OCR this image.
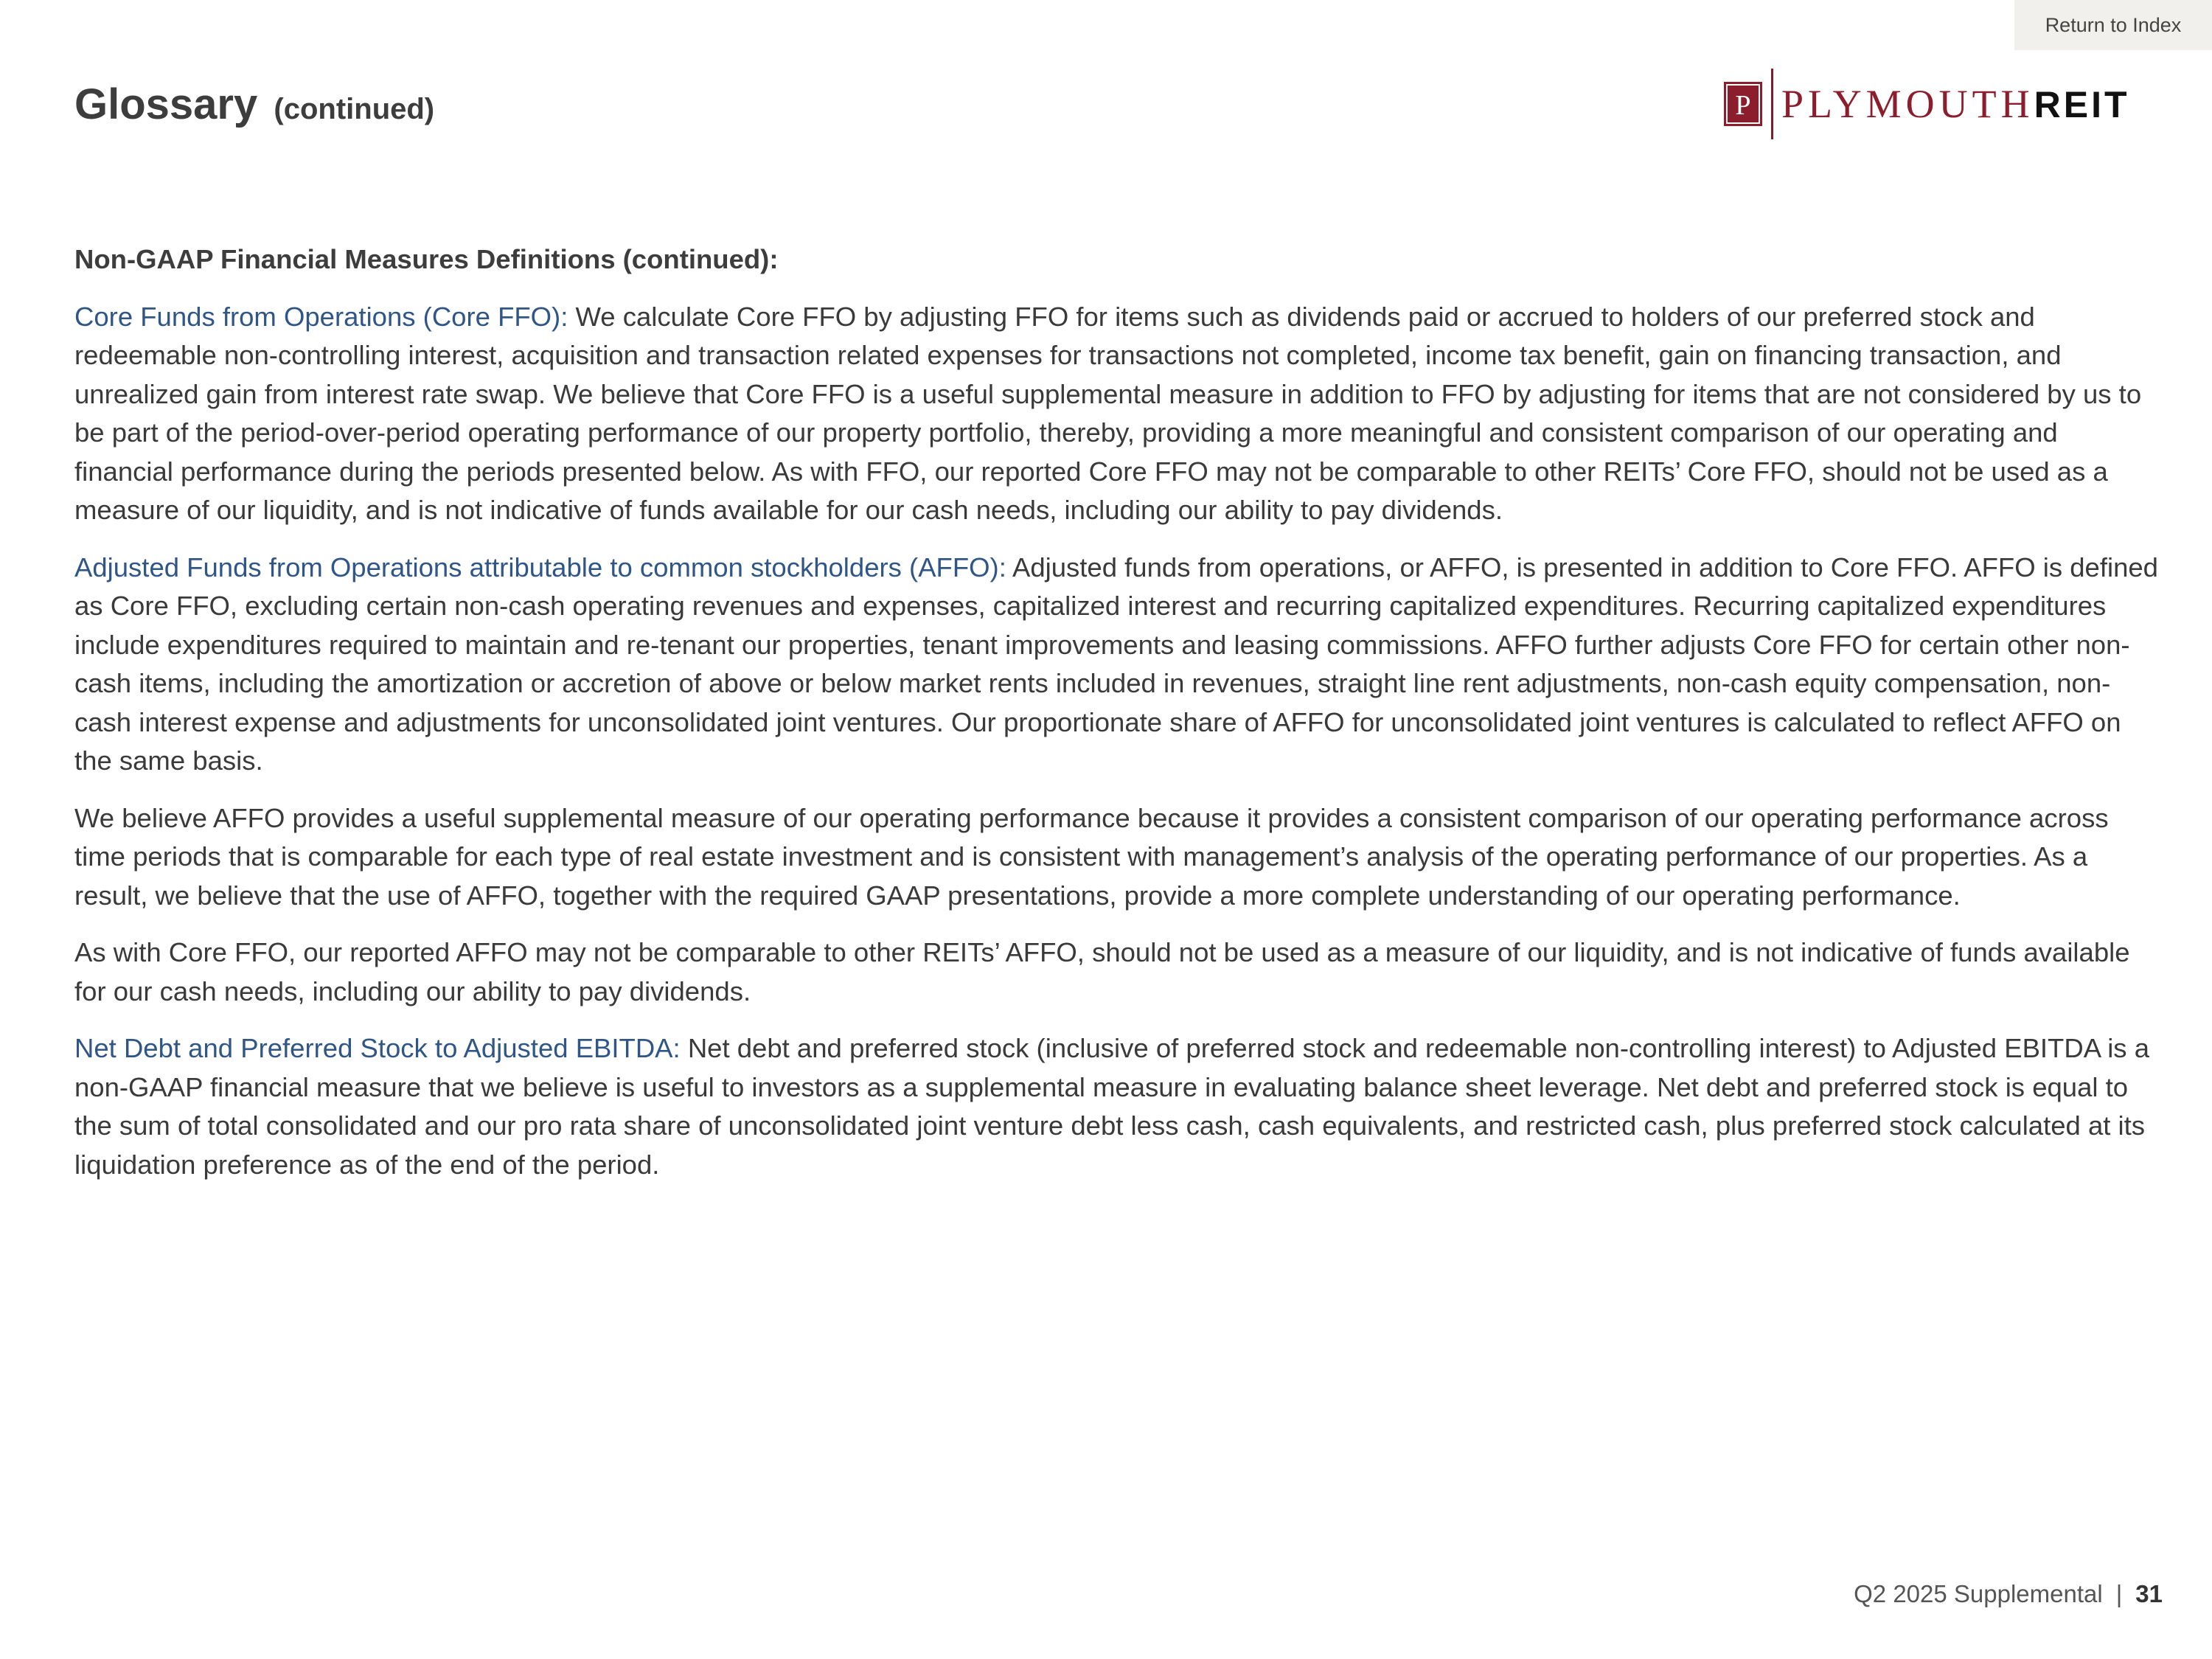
Return to Index
Glossary (continued)	P PLYMOUTHREIT

Non-GAAP Financial Measures Definitions (continued):

Core Funds from Operations (Core FFO): We calculate Core FFO by adjusting FFO for items such as dividends paid or accrued to holders of our preferred stock and redeemable non-controlling interest, acquisition and transaction related expenses for transactions not completed, income tax benefit, gain on financing transaction, and unrealized gain from interest rate swap. We believe that Core FFO is a useful supplemental measure in addition to FFO by adjusting for items that are not considered by us to be part of the period-over-period operating performance of our property portfolio, thereby, providing a more meaningful and consistent comparison of our operating and financial performance during the periods presented below. As with FFO, our reported Core FFO may not be comparable to other REITs’ Core FFO, should not be used as a measure of our liquidity, and is not indicative of funds available for our cash needs, including our ability to pay dividends.

Adjusted Funds from Operations attributable to common stockholders (AFFO): Adjusted funds from operations, or AFFO, is presented in addition to Core FFO. AFFO is defined as Core FFO, excluding certain non-cash operating revenues and expenses, capitalized interest and recurring capitalized expenditures. Recurring capitalized expenditures include expenditures required to maintain and re-tenant our properties, tenant improvements and leasing commissions. AFFO further adjusts Core FFO for certain other non-cash items, including the amortization or accretion of above or below market rents included in revenues, straight line rent adjustments, non-cash equity compensation, non-cash interest expense and adjustments for unconsolidated joint ventures. Our proportionate share of AFFO for unconsolidated joint ventures is calculated to reflect AFFO on the same basis.

We believe AFFO provides a useful supplemental measure of our operating performance because it provides a consistent comparison of our operating performance across time periods that is comparable for each type of real estate investment and is consistent with management’s analysis of the operating performance of our properties. As a result, we believe that the use of AFFO, together with the required GAAP presentations, provide a more complete understanding of our operating performance.

As with Core FFO, our reported AFFO may not be comparable to other REITs’ AFFO, should not be used as a measure of our liquidity, and is not indicative of funds available for our cash needs, including our ability to pay dividends.

Net Debt and Preferred Stock to Adjusted EBITDA: Net debt and preferred stock (inclusive of preferred stock and redeemable non-controlling interest) to Adjusted EBITDA is a non-GAAP financial measure that we believe is useful to investors as a supplemental measure in evaluating balance sheet leverage. Net debt and preferred stock is equal to the sum of total consolidated and our pro rata share of unconsolidated joint venture debt less cash, cash equivalents, and restricted cash, plus preferred stock calculated at its liquidation preference as of the end of the period.

Q2 2025 Supplemental | 31
